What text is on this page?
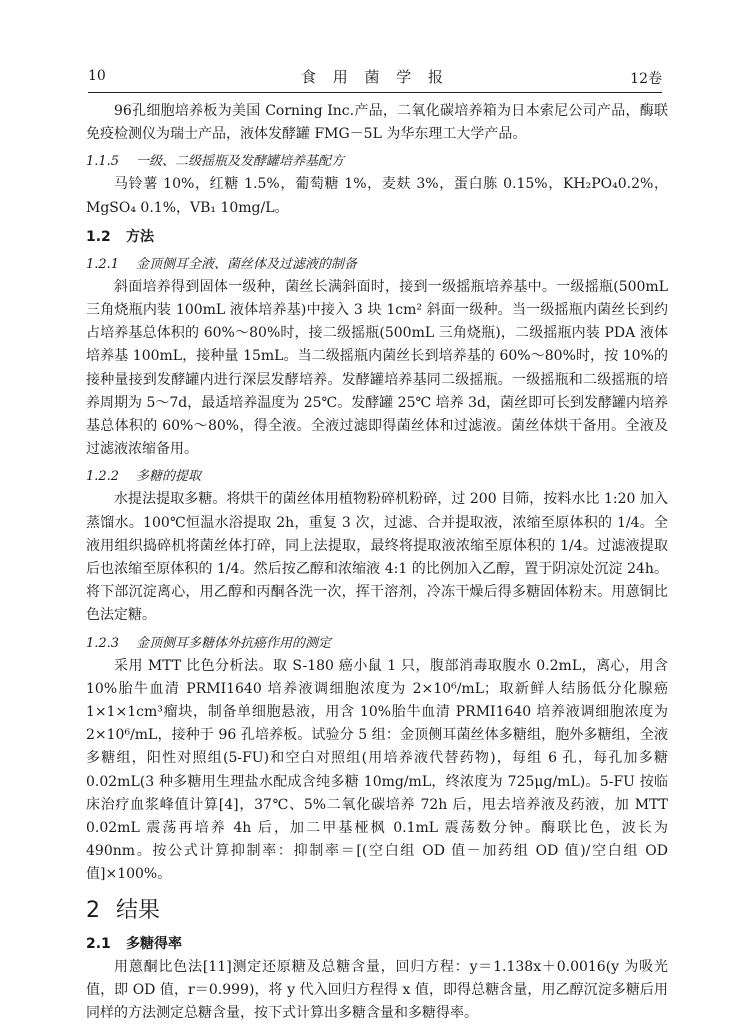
10	食 用 菌 学 报	12卷

96孔细胞培养板为美国 Corning Inc.产品，二氧化碳培养箱为日本索尼公司产品，酶联免疫检测仪为瑞士产品，液体发酵罐 FMG－5L 为华东理工大学产品。

1.1.5 一级、二级摇瓶及发酵罐培养基配方

马铃薯 10%，红糖 1.5%，葡萄糖 1%，麦麸 3%，蛋白胨 0.15%，KH₂PO₄0.2%，MgSO₄ 0.1%，VB₁ 10mg/L。

1.2 方法
1.2.1 金顶侧耳全液、菌丝体及过滤液的制备

斜面培养得到固体一级种，菌丝长满斜面时，接到一级摇瓶培养基中。一级摇瓶(500mL三角烧瓶内装 100mL 液体培养基)中接入 3 块 1cm² 斜面一级种。当一级摇瓶内菌丝长到约占培养基总体积的 60%～80%时，接二级摇瓶(500mL 三角烧瓶)，二级摇瓶内装 PDA 液体培养基 100mL，接种量 15mL。当二级摇瓶内菌丝长到培养基的 60%～80%时，按 10%的接种量接到发酵罐内进行深层发酵培养。发酵罐培养基同二级摇瓶。一级摇瓶和二级摇瓶的培养周期为 5～7d，最适培养温度为 25℃。发酵罐 25℃ 培养 3d，菌丝即可长到发酵罐内培养基总体积的 60%～80%，得全液。全液过滤即得菌丝体和过滤液。菌丝体烘干备用。全液及过滤液浓缩备用。

1.2.2 多糖的提取

水提法提取多糖。将烘干的菌丝体用植物粉碎机粉碎，过 200 目筛，按料水比 1:20 加入蒸馏水。100℃恒温水浴提取 2h，重复 3 次，过滤、合并提取液，浓缩至原体积的 1/4。全液用组织捣碎机将菌丝体打碎，同上法提取，最终将提取液浓缩至原体积的 1/4。过滤液提取后也浓缩至原体积的 1/4。然后按乙醇和浓缩液 4:1 的比例加入乙醇，置于阴凉处沉淀 24h。将下部沉淀离心，用乙醇和丙酮各洗一次，挥干溶剂，冷冻干燥后得多糖固体粉末。用蒽铜比色法定糖。

1.2.3 金顶侧耳多糖体外抗癌作用的测定

采用 MTT 比色分析法。取 S-180 癌小鼠 1 只，腹部消毒取腹水 0.2mL，离心，用含 10%胎牛血清 PRMI1640 培养液调细胞浓度为 2×10⁶/mL；取新鲜人结肠低分化腺癌 1×1×1cm³瘤块，制备单细胞悬液，用含 10%胎牛血清 PRMI1640 培养液调细胞浓度为 2×10⁶/mL，接种于 96 孔培养板。试验分 5 组：金顶侧耳菌丝体多糖组，胞外多糖组，全液多糖组，阳性对照组(5-FU)和空白对照组(用培养液代替药物)，每组 6 孔，每孔加多糖 0.02mL(3 种多糖用生理盐水配成含纯多糖 10mg/mL，终浓度为 725μg/mL)。5-FU 按临床治疗血浆峰值计算[4]，37℃、5%二氧化碳培养 72h 后，甩去培养液及药液，加 MTT 0.02mL 震荡再培养 4h 后，加二甲基桠枫 0.1mL 震荡数分钟。酶联比色，波长为 490nm。按公式计算抑制率：抑制率＝[(空白组 OD 值－加药组 OD 值)/空白组 OD 值]×100%。

2 结果
2.1 多糖得率

用蒽酮比色法[11]测定还原糖及总糖含量，回归方程：y＝1.138x＋0.0016(y 为吸光值，即 OD 值，r＝0.999)，将 y 代入回归方程得 x 值，即得总糖含量，用乙醇沉淀多糖后用同样的方法测定总糖含量，按下式计算出多糖含量和多糖得率。
